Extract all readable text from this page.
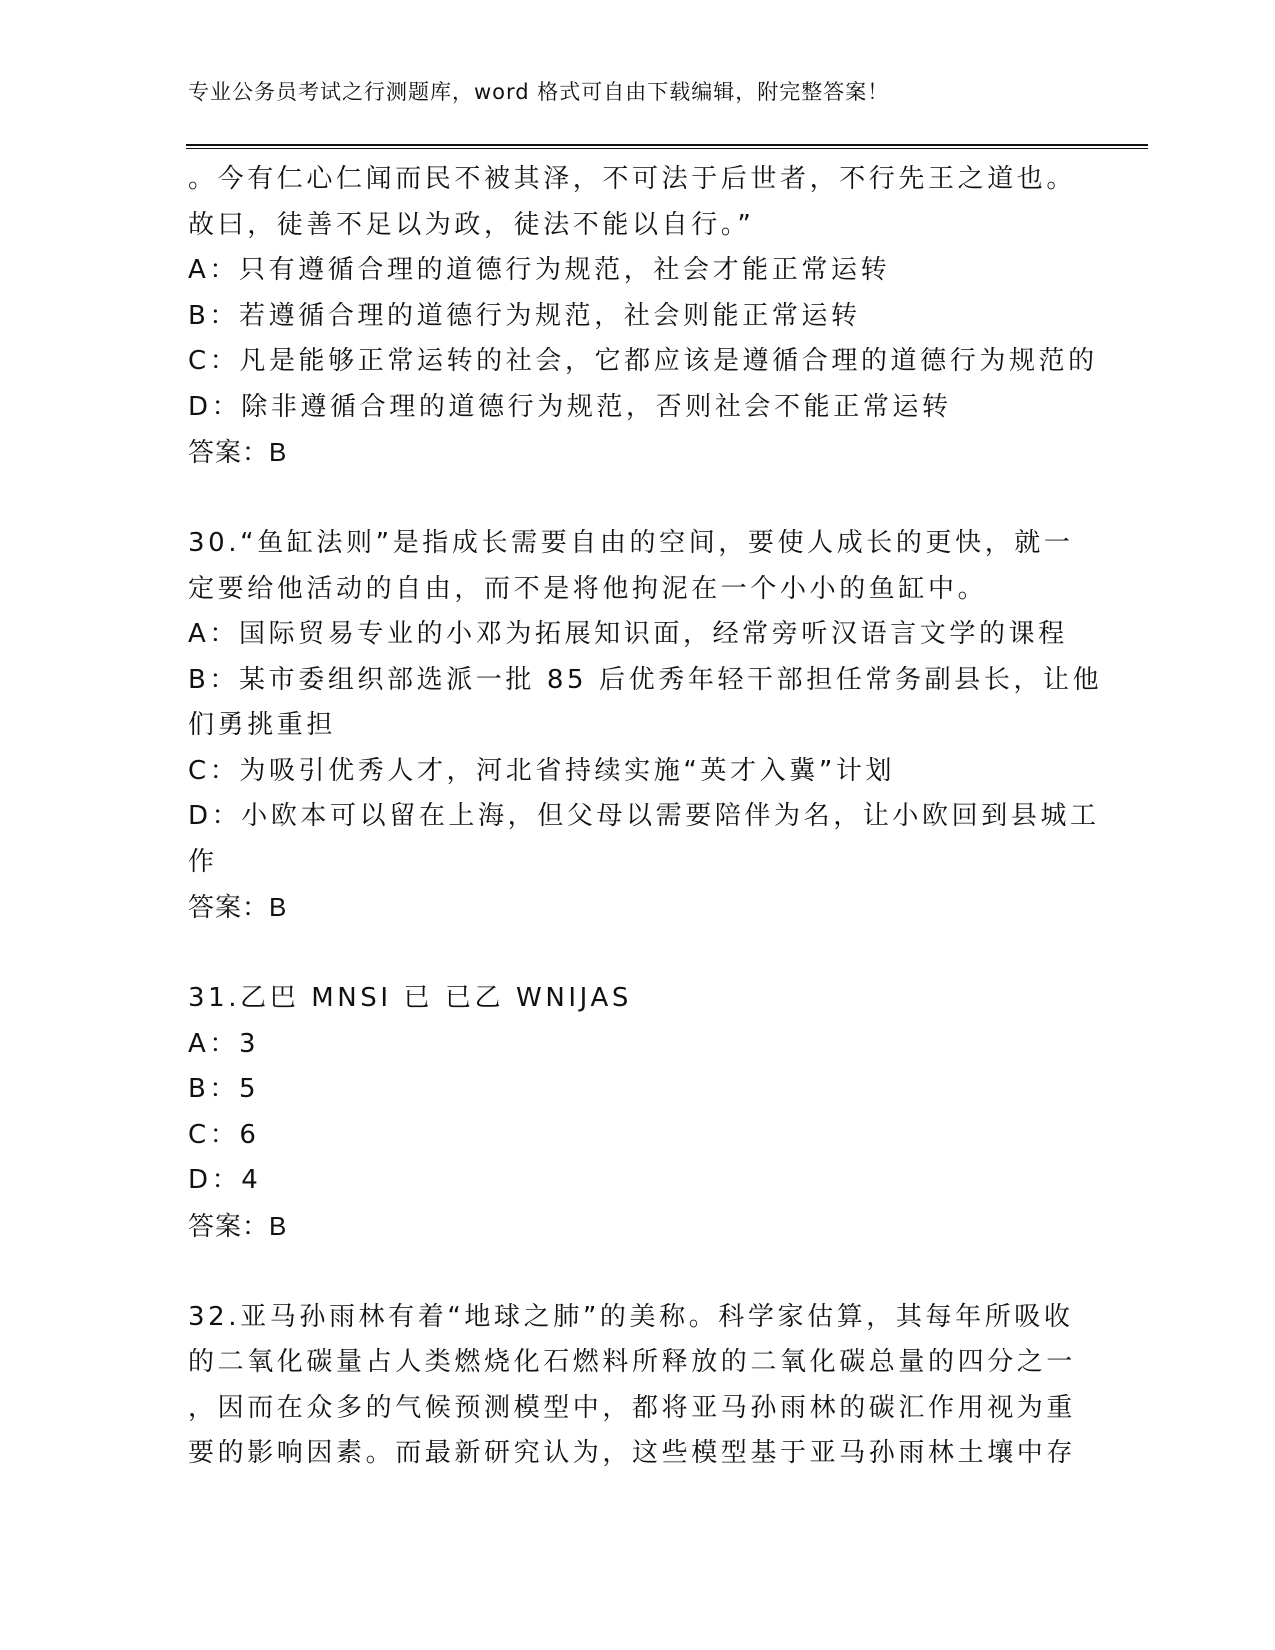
专业公务员考试之行测题库，word 格式可自由下载编辑，附完整答案！
。今有仁心仁闻而民不被其泽，不可法于后世者，不行先王之道也。
故曰，徒善不足以为政，徒法不能以自行。”
A：只有遵循合理的道德行为规范，社会才能正常运转
B：若遵循合理的道德行为规范，社会则能正常运转
C：凡是能够正常运转的社会，它都应该是遵循合理的道德行为规范的
D：除非遵循合理的道德行为规范，否则社会不能正常运转
答案：B
30.“鱼缸法则”是指成长需要自由的空间，要使人成长的更快，就一
定要给他活动的自由，而不是将他拘泥在一个小小的鱼缸中。
A：国际贸易专业的小邓为拓展知识面，经常旁听汉语言文学的课程
B：某市委组织部选派一批 85 后优秀年轻干部担任常务副县长，让他
们勇挑重担
C：为吸引优秀人才，河北省持续实施“英才入冀”计划
D：小欧本可以留在上海，但父母以需要陪伴为名，让小欧回到县城工
作
答案：B
31.乙巴 MNSI 已 已乙 WNIJAS
A：3
B：5
C：6
D：4
答案：B
32.亚马孙雨林有着“地球之肺”的美称。科学家估算，其每年所吸收
的二氧化碳量占人类燃烧化石燃料所释放的二氧化碳总量的四分之一
，因而在众多的气候预测模型中，都将亚马孙雨林的碳汇作用视为重
要的影响因素。而最新研究认为，这些模型基于亚马孙雨林土壤中存
